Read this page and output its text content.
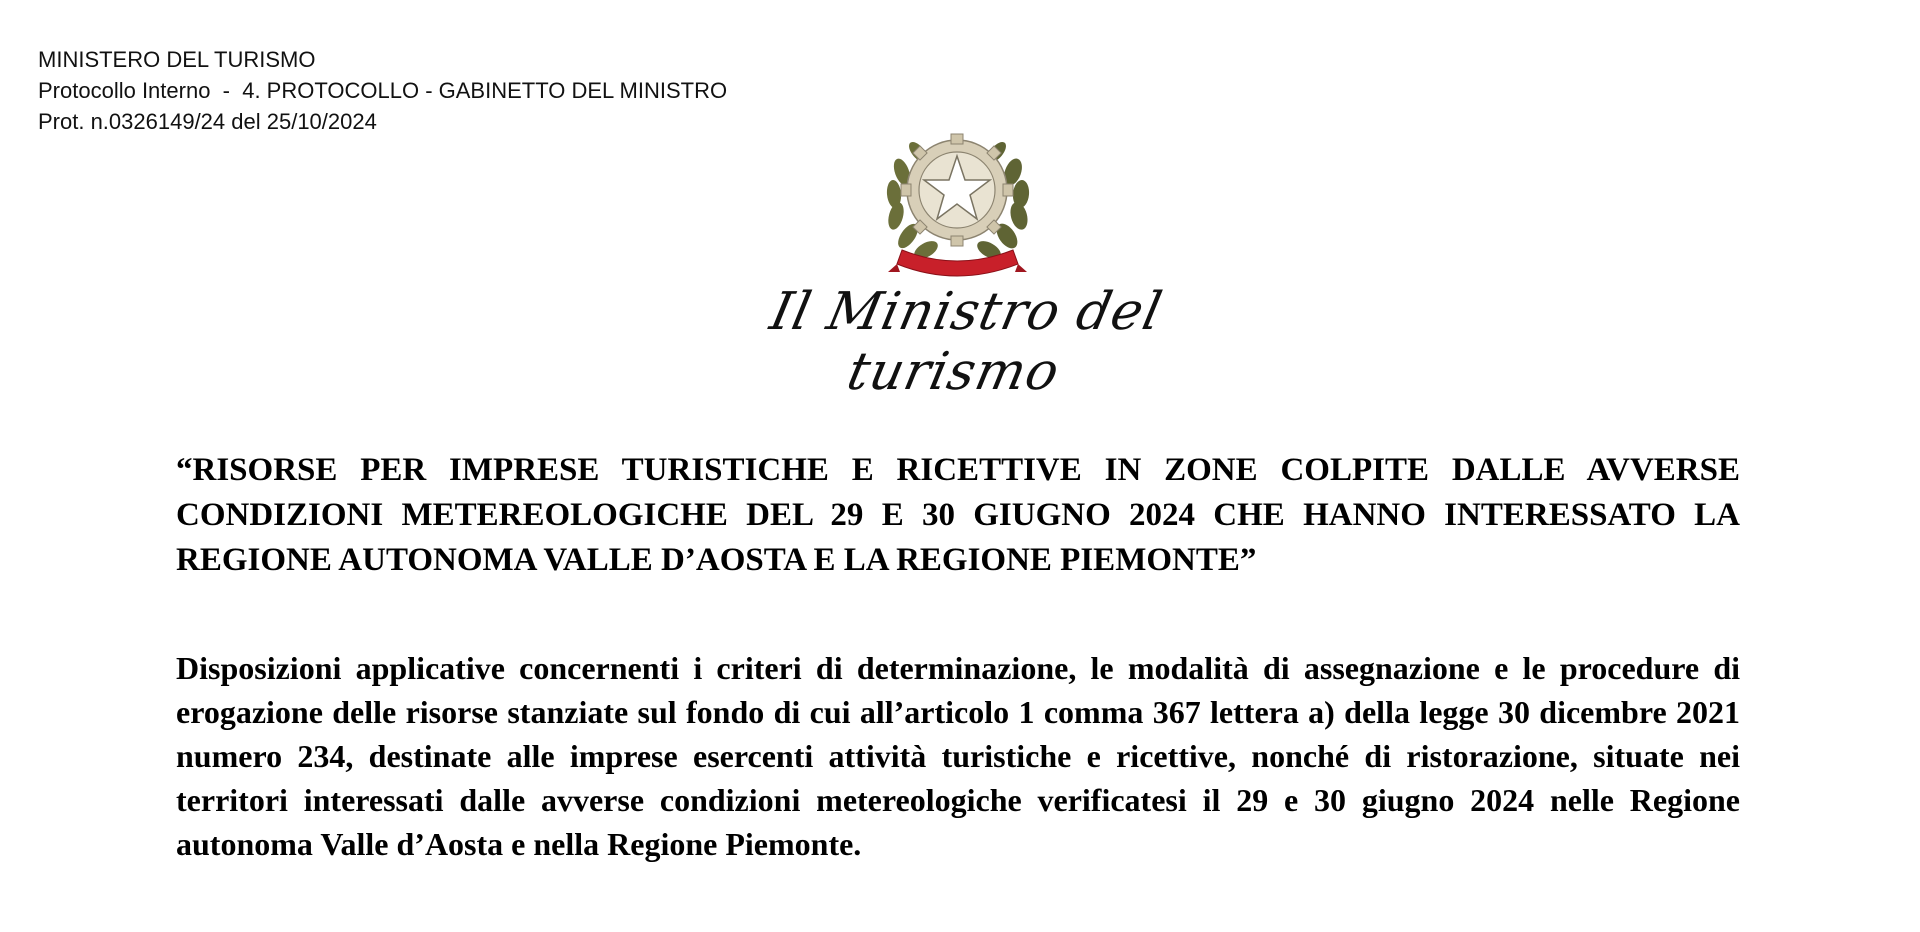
MINISTERO DEL TURISMO
Protocollo Interno  -  4. PROTOCOLLO - GABINETTO DEL MINISTRO
Prot. n.0326149/24 del 25/10/2024
Il Ministro del turismo
“RISORSE PER IMPRESE TURISTICHE E RICETTIVE IN ZONE COLPITE DALLE AVVERSE CONDIZIONI METEREOLOGICHE DEL 29 E 30 GIUGNO 2024 CHE HANNO INTERESSATO LA REGIONE AUTONOMA VALLE D’AOSTA E LA REGIONE PIEMONTE”
Disposizioni applicative concernenti i criteri di determinazione, le modalità di assegnazione e le procedure di erogazione delle risorse stanziate sul fondo di cui all’articolo 1 comma 367 lettera a) della legge 30 dicembre 2021 numero 234, destinate alle imprese esercenti attività turistiche e ricettive, nonché di ristorazione, situate nei territori interessati dalle avverse condizioni metereologiche verificatesi il 29 e 30 giugno 2024 nelle Regione autonoma Valle d’Aosta e nella Regione Piemonte.
